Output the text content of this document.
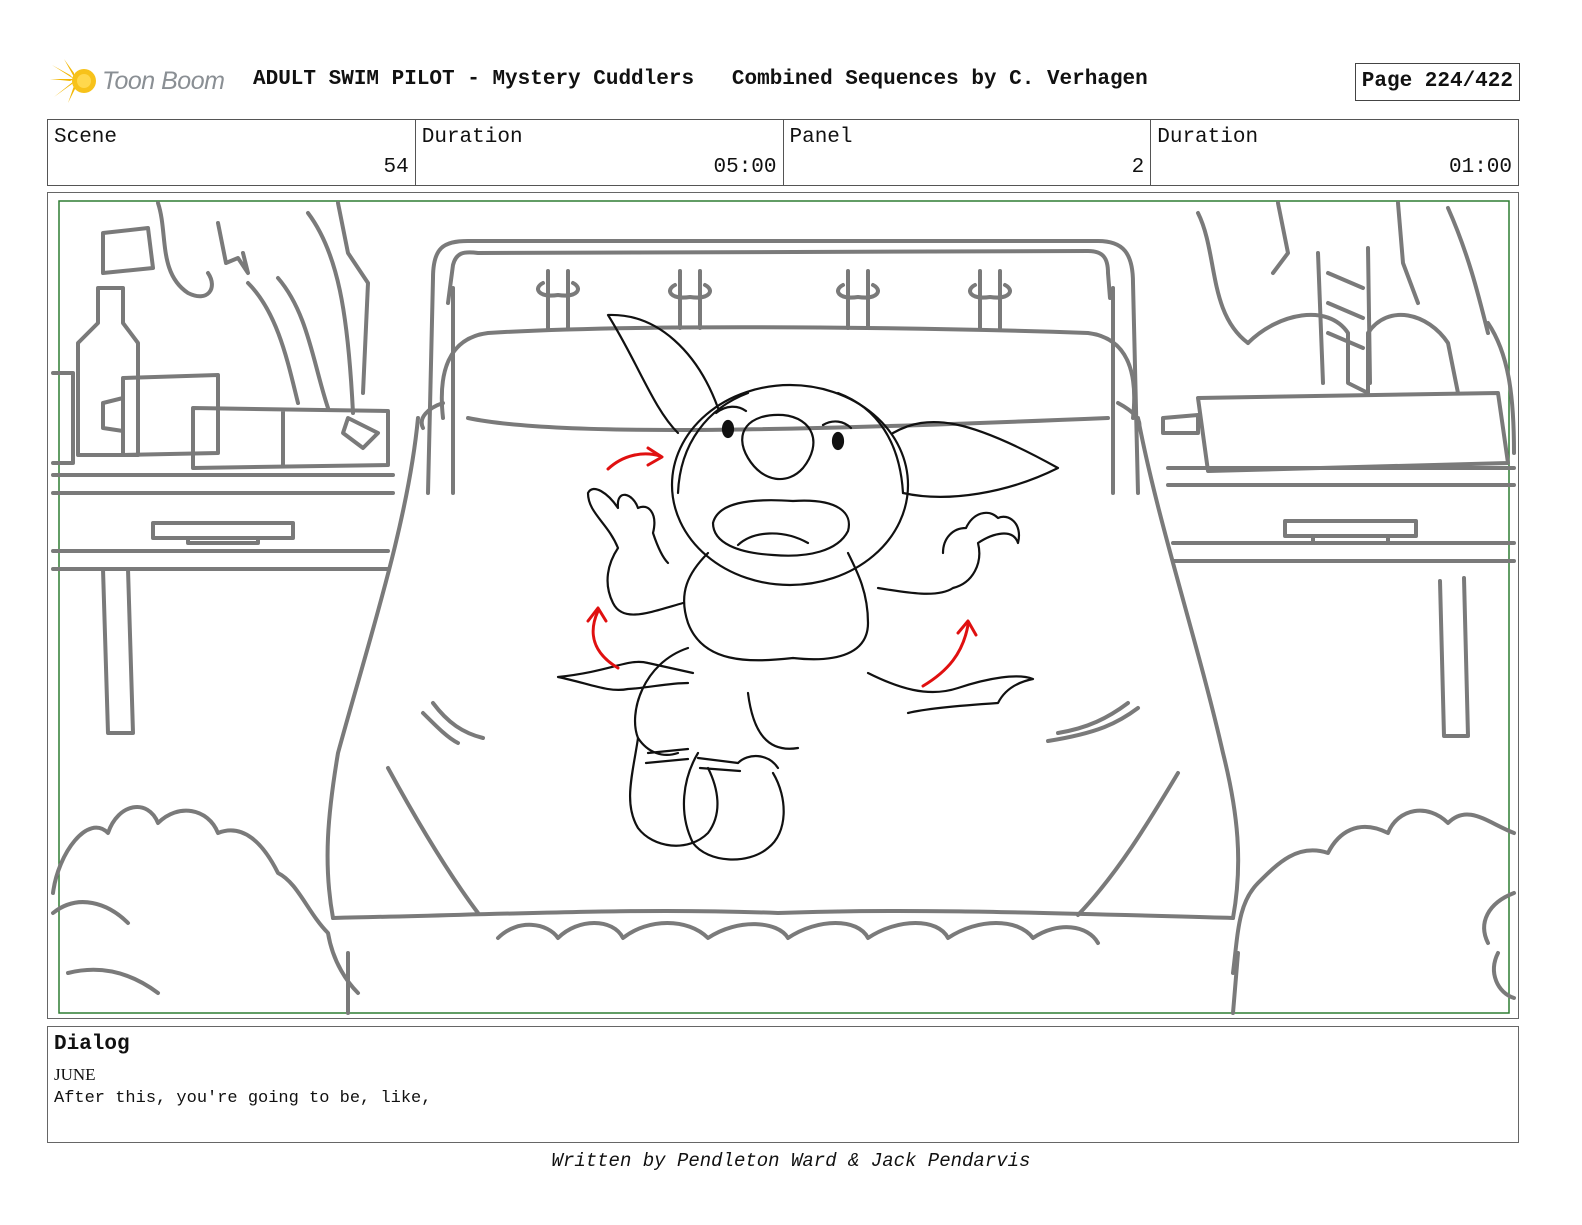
Toon Boom ADULT SWIM PILOT - Mystery Cuddlers Combined Sequences by C. Verhagen	Page 224/422
Scene
54
Duration
05:00
Panel
2
Duration
01:00
Dialog
JUNE
After this, you're going to be, like,
Written by Pendleton Ward & Jack Pendarvis
